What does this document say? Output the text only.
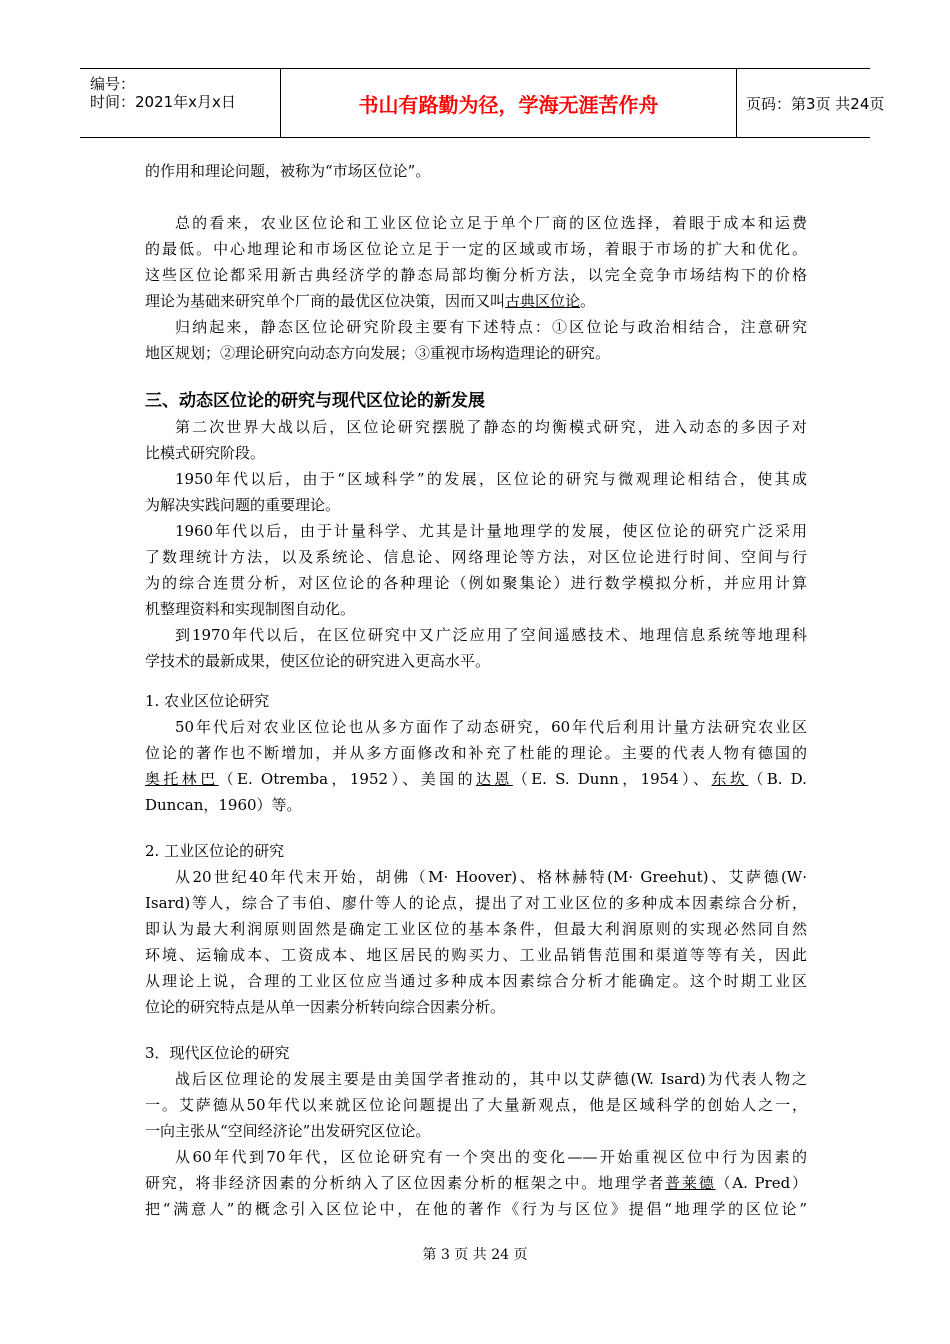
编号：
时间：2021年x月x日	书山有路勤为径，学海无涯苦作舟	页码：第3页 共24页
的作用和理论问题，被称为“市场区位论”。
总的看来，农业区位论和工业区位论立足于单个厂商的区位选择，着眼于成本和运费
的最低。中心地理论和市场区位论立足于一定的区域或市场，着眼于市场的扩大和优化。
这些区位论都采用新古典经济学的静态局部均衡分析方法，以完全竞争市场结构下的价格
理论为基础来研究单个厂商的最优区位决策，因而又叫古典区位论。
归纳起来，静态区位论研究阶段主要有下述特点：①区位论与政治相结合，注意研究
地区规划；②理论研究向动态方向发展；③重视市场构造理论的研究。
三、动态区位论的研究与现代区位论的新发展
第二次世界大战以后，区位论研究摆脱了静态的均衡模式研究，进入动态的多因子对
比模式研究阶段。
1950年代以后，由于“区域科学”的发展，区位论的研究与微观理论相结合，使其成
为解决实践问题的重要理论。
1960年代以后，由于计量科学、尤其是计量地理学的发展，使区位论的研究广泛采用
了数理统计方法，以及系统论、信息论、网络理论等方法，对区位论进行时间、空间与行
为的综合连贯分析，对区位论的各种理论（例如聚集论）进行数学模拟分析，并应用计算
机整理资料和实现制图自动化。
到1970年代以后，在区位研究中又广泛应用了空间遥感技术、地理信息系统等地理科
学技术的最新成果，使区位论的研究进入更高水平。
1. 农业区位论研究
50年代后对农业区位论也从多方面作了动态研究，60年代后利用计量方法研究农业区
位论的著作也不断增加，并从多方面修改和补充了杜能的理论。主要的代表人物有德国的
奥托林巴（E. Otremba，1952）、美国的达恩（E. S. Dunn，1954）、东坎（B. D.
Duncan，1960）等。
2. 工业区位论的研究
从20世纪40年代末开始，胡佛（M· Hoover)、格林赫特(M· Greehut)、艾萨德(W·
Isard)等人，综合了韦伯、廖什等人的论点，提出了对工业区位的多种成本因素综合分析，
即认为最大利润原则固然是确定工业区位的基本条件，但最大利润原则的实现必然同自然
环境、运输成本、工资成本、地区居民的购买力、工业品销售范围和渠道等等有关，因此
从理论上说，合理的工业区位应当通过多种成本因素综合分析才能确定。这个时期工业区
位论的研究特点是从单一因素分析转向综合因素分析。
3．现代区位论的研究
战后区位理论的发展主要是由美国学者推动的，其中以艾萨德(W. Isard)为代表人物之
一。艾萨德从50年代以来就区位论问题提出了大量新观点，他是区域科学的创始人之一，
一向主张从“空间经济论”出发研究区位论。
从60年代到70年代，区位论研究有一个突出的变化——开始重视区位中行为因素的
研究，将非经济因素的分析纳入了区位因素分析的框架之中。地理学者普莱德（A. Pred）
把“满意人”的概念引入区位论中，在他的著作《行为与区位》提倡“地理学的区位论”
第 3 页 共 24 页
